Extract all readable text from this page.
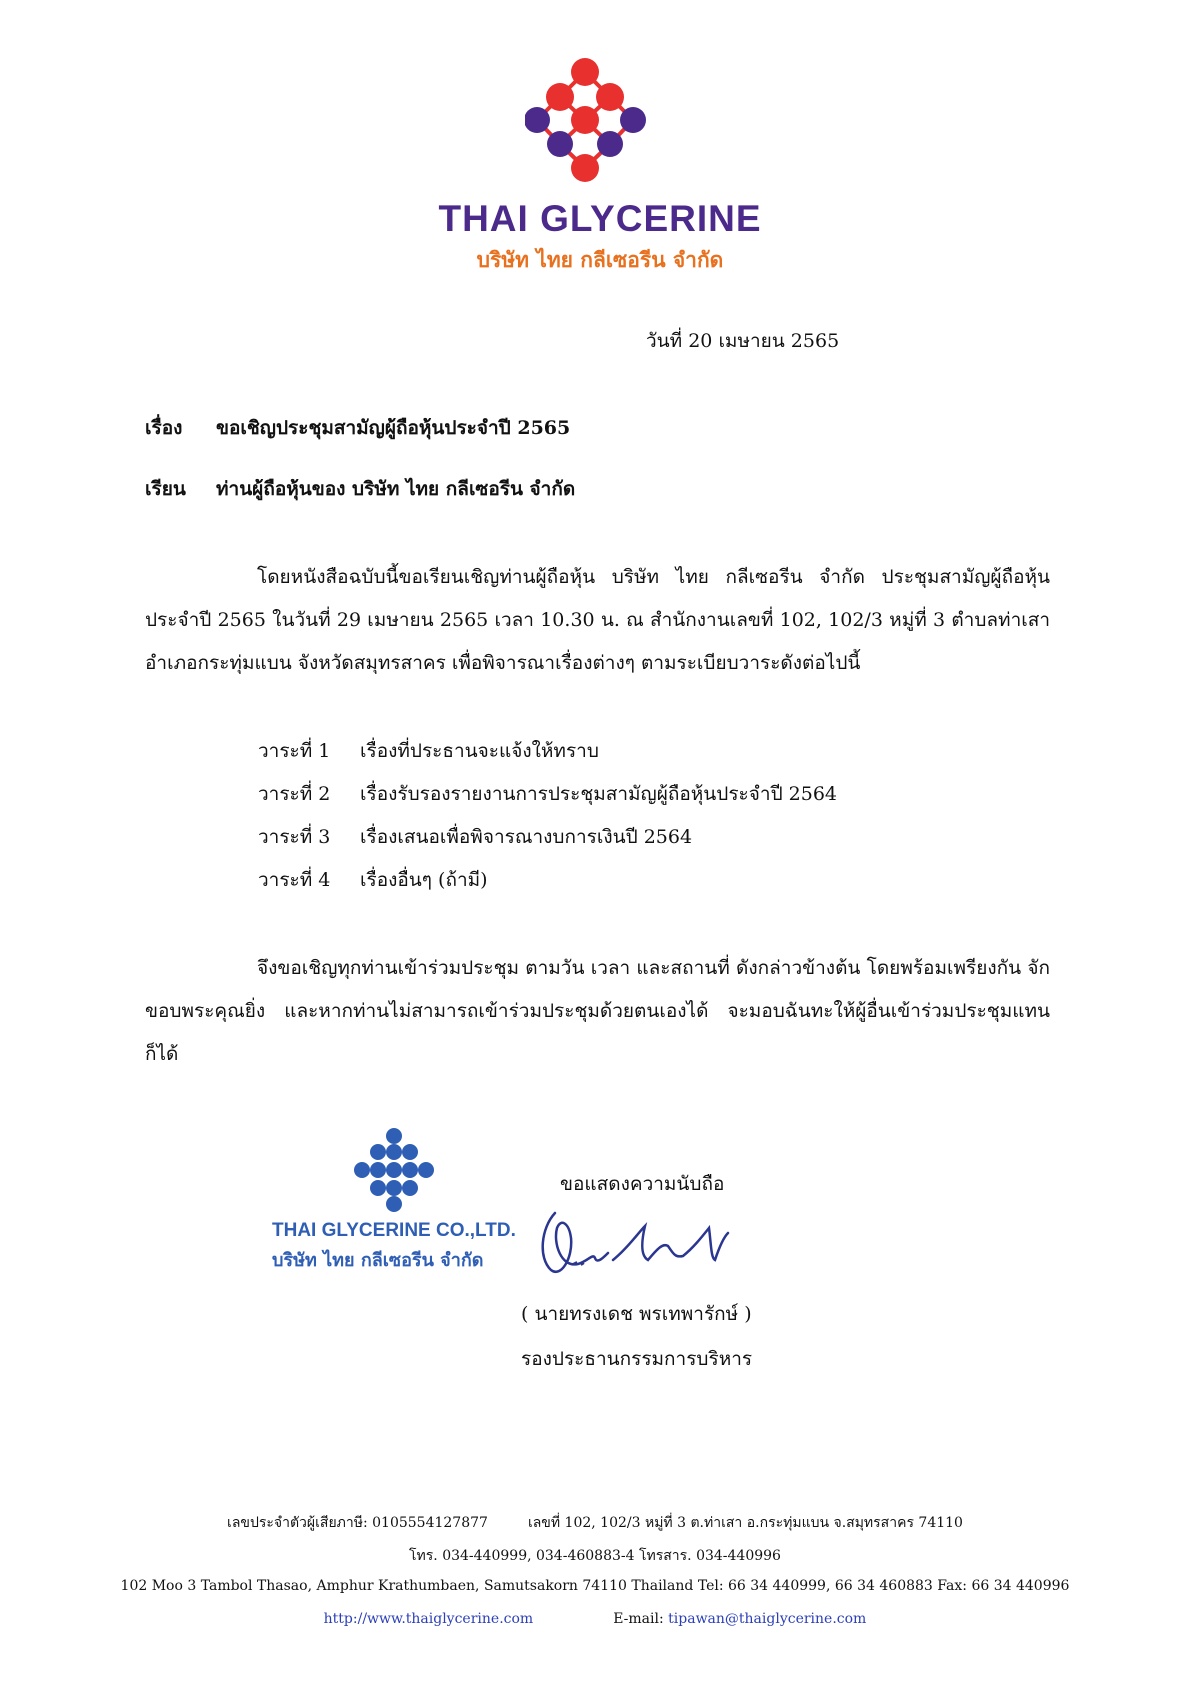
THAI GLYCERINE
บริษัท ไทย กลีเซอรีน จำกัด
วันที่ 20 เมษายน 2565
เรื่อง ขอเชิญประชุมสามัญผู้ถือหุ้นประจำปี 2565
เรียน ท่านผู้ถือหุ้นของ บริษัท ไทย กลีเซอรีน จำกัด

โดยหนังสือฉบับนี้ขอเรียนเชิญท่านผู้ถือหุ้น บริษัท ไทย กลีเซอรีน จำกัด ประชุมสามัญผู้ถือหุ้นประจำปี 2565 ในวันที่ 29 เมษายน 2565 เวลา 10.30 น. ณ สำนักงานเลขที่ 102, 102/3 หมู่ที่ 3 ตำบลท่าเสา อำเภอกระทุ่มแบน จังหวัดสมุทรสาคร เพื่อพิจารณาเรื่องต่างๆ ตามระเบียบวาระดังต่อไปนี้

วาระที่ 1	เรื่องที่ประธานจะแจ้งให้ทราบ
วาระที่ 2	เรื่องรับรองรายงานการประชุมสามัญผู้ถือหุ้นประจำปี 2564
วาระที่ 3	เรื่องเสนอเพื่อพิจารณางบการเงินปี 2564
วาระที่ 4	เรื่องอื่นๆ (ถ้ามี)

จึงขอเชิญทุกท่านเข้าร่วมประชุม ตามวัน เวลา และสถานที่ ดังกล่าวข้างต้น โดยพร้อมเพรียงกัน จักขอบพระคุณยิ่ง และหากท่านไม่สามารถเข้าร่วมประชุมด้วยตนเองได้ จะมอบฉันทะให้ผู้อื่นเข้าร่วมประชุมแทนก็ได้

THAI GLYCERINE CO.,LTD.
บริษัท ไทย กลีเซอรีน จำกัด
ขอแสดงความนับถือ
( นายทรงเดช พรเทพารักษ์ )
รองประธานกรรมการบริหาร
เลขประจำตัวผู้เสียภาษี: 0105554127877	เลขที่ 102, 102/3 หมู่ที่ 3 ต.ท่าเสา อ.กระทุ่มแบน จ.สมุทรสาคร 74110
โทร. 034-440999, 034-460883-4 โทรสาร. 034-440996
102 Moo 3 Tambol Thasao, Amphur Krathumbaen, Samutsakorn 74110 Thailand Tel: 66 34 440999, 66 34 460883 Fax: 66 34 440996
http://www.thaiglycerine.com	E-mail: tipawan@thaiglycerine.com
